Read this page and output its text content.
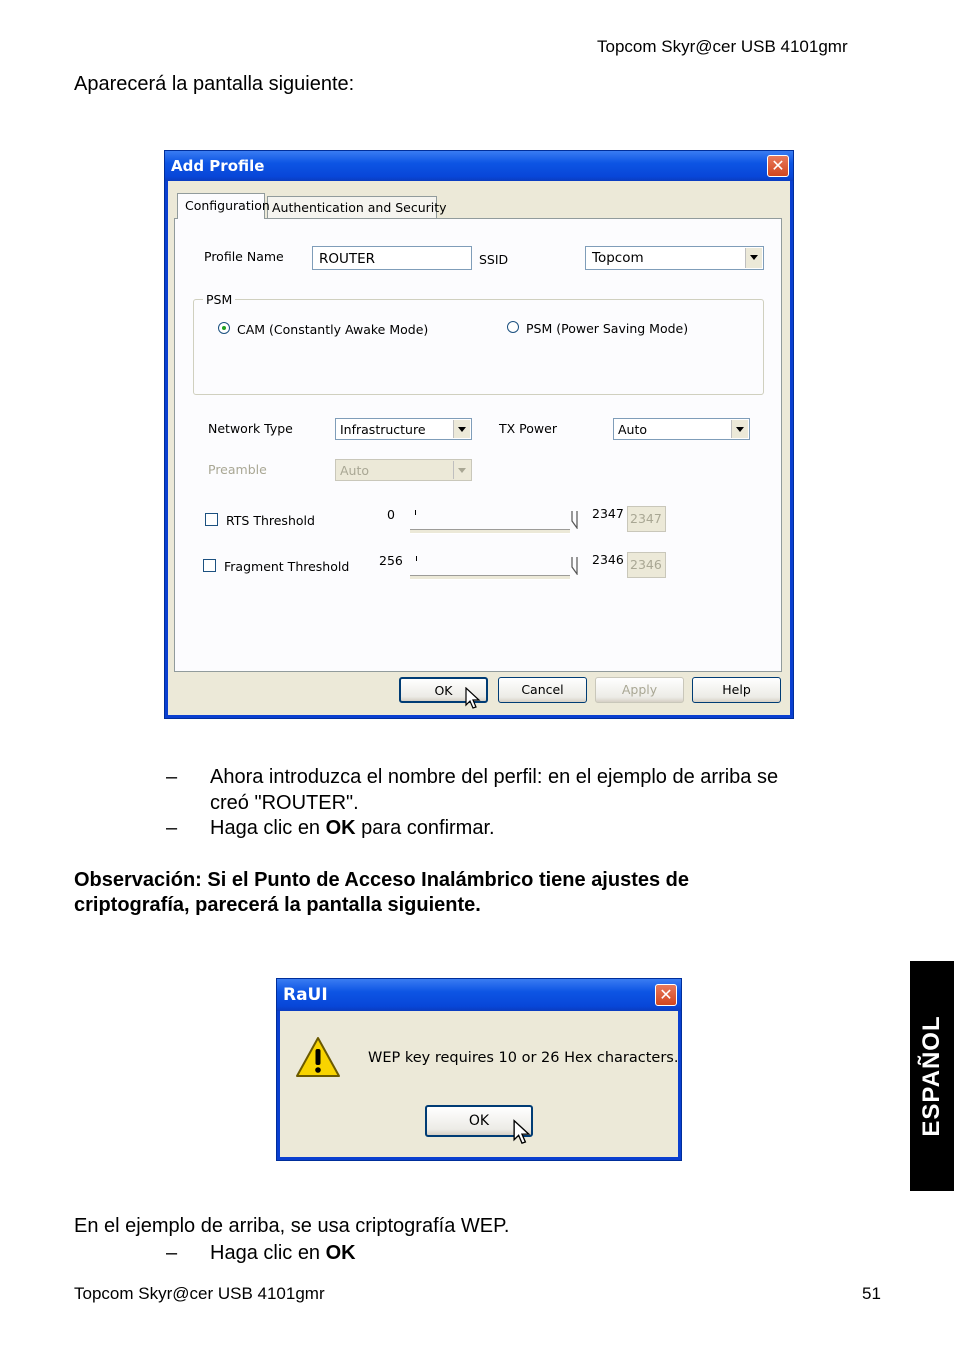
Topcom Skyr@cer USB 4101gmr
Aparecerá la pantalla siguiente:
Add Profile	✕
Configuration Authentication and Security
Profile Name	ROUTER	SSID	Topcom
PSM
CAM (Constantly Awake Mode)	PSM (Power Saving Mode)
Network Type	Infrastructure	TX Power	Auto
Preamble	Auto
RTS Threshold	0	2347 2347
Fragment Threshold 256	2346 2346
OK	Cancel	Apply	Help
– Ahora introduzca el nombre del perfil: en el ejemplo de arriba se
creó "ROUTER".
– Haga clic en OK para confirmar.
Observación: Si el Punto de Acceso Inalámbrico tiene ajustes de
criptografía, parecerá la pantalla siguiente.
RaUI	✕
WEP key requires 10 or 26 Hex characters.
OK
En el ejemplo de arriba, se usa criptografía WEP.
– Haga clic en OK
Topcom Skyr@cer USB 4101gmr	51
ESPAÑOL
